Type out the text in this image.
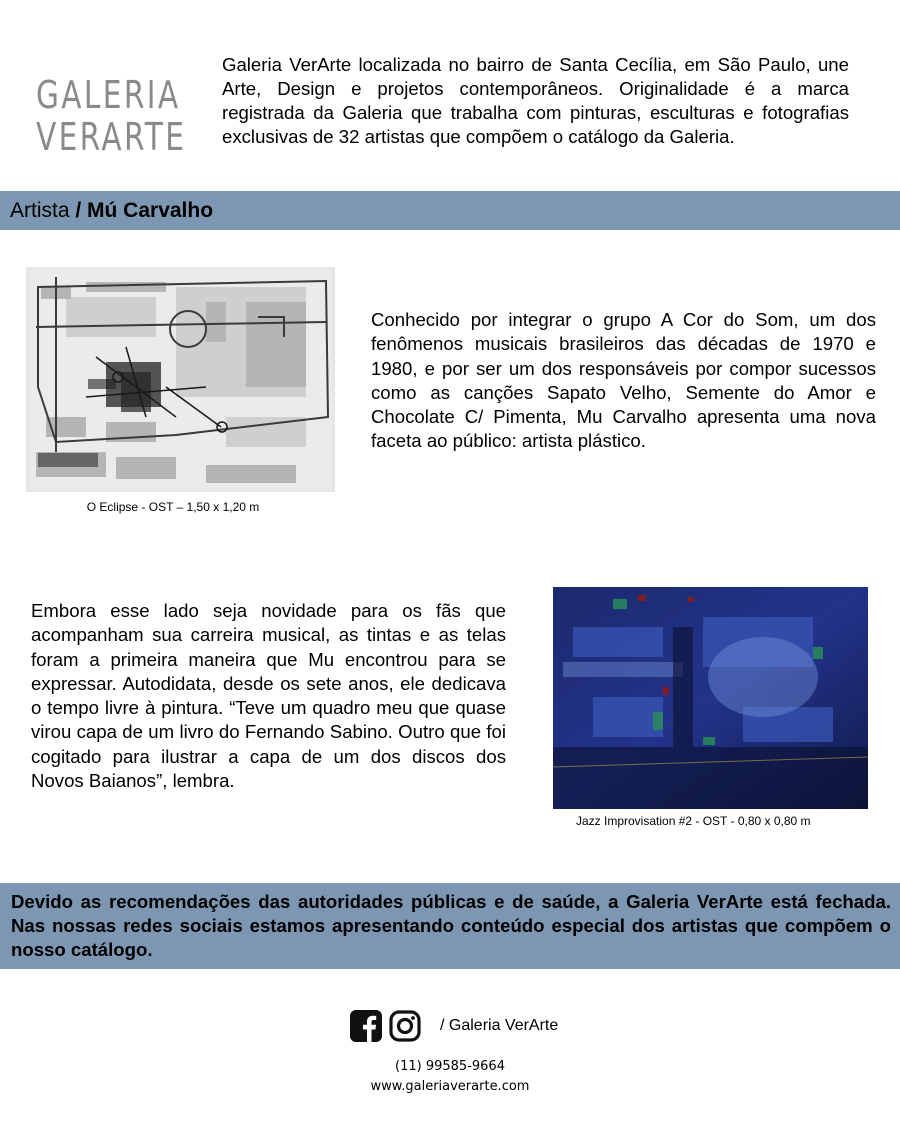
GALERIA
VERARTE
Galeria VerArte localizada no bairro de Santa Cecília, em São Paulo, une Arte, Design e projetos contemporâneos. Originalidade é a marca registrada da Galeria que trabalha com pinturas, esculturas e fotografias exclusivas de 32 artistas que compõem o catálogo da Galeria.
Artista / Mú Carvalho
O Eclipse - OST – 1,50 x 1,20 m
Conhecido por integrar o grupo A Cor do Som, um dos fenômenos musicais brasileiros das décadas de 1970 e 1980, e por ser um dos responsáveis por compor sucessos como as canções Sapato Velho, Semente do Amor e Chocolate C/ Pimenta, Mu Carvalho apresenta uma nova faceta ao público: artista plástico.
Embora esse lado seja novidade para os fãs que acompanham sua carreira musical, as tintas e as telas foram a primeira maneira que Mu encontrou para se expressar. Autodidata, desde os sete anos, ele dedicava o tempo livre à pintura. “Teve um quadro meu que quase virou capa de um livro do Fernando Sabino. Outro que foi cogitado para ilustrar a capa de um dos discos dos Novos Baianos”, lembra.
Jazz Improvisation #2 - OST - 0,80 x 0,80 m
Devido as recomendações das autoridades públicas e de saúde, a Galeria VerArte está fechada. Nas nossas redes sociais estamos apresentando conteúdo especial dos artistas que compõem o nosso catálogo.
/ Galeria VerArte
(11) 99585-9664
www.galeriaverarte.com
